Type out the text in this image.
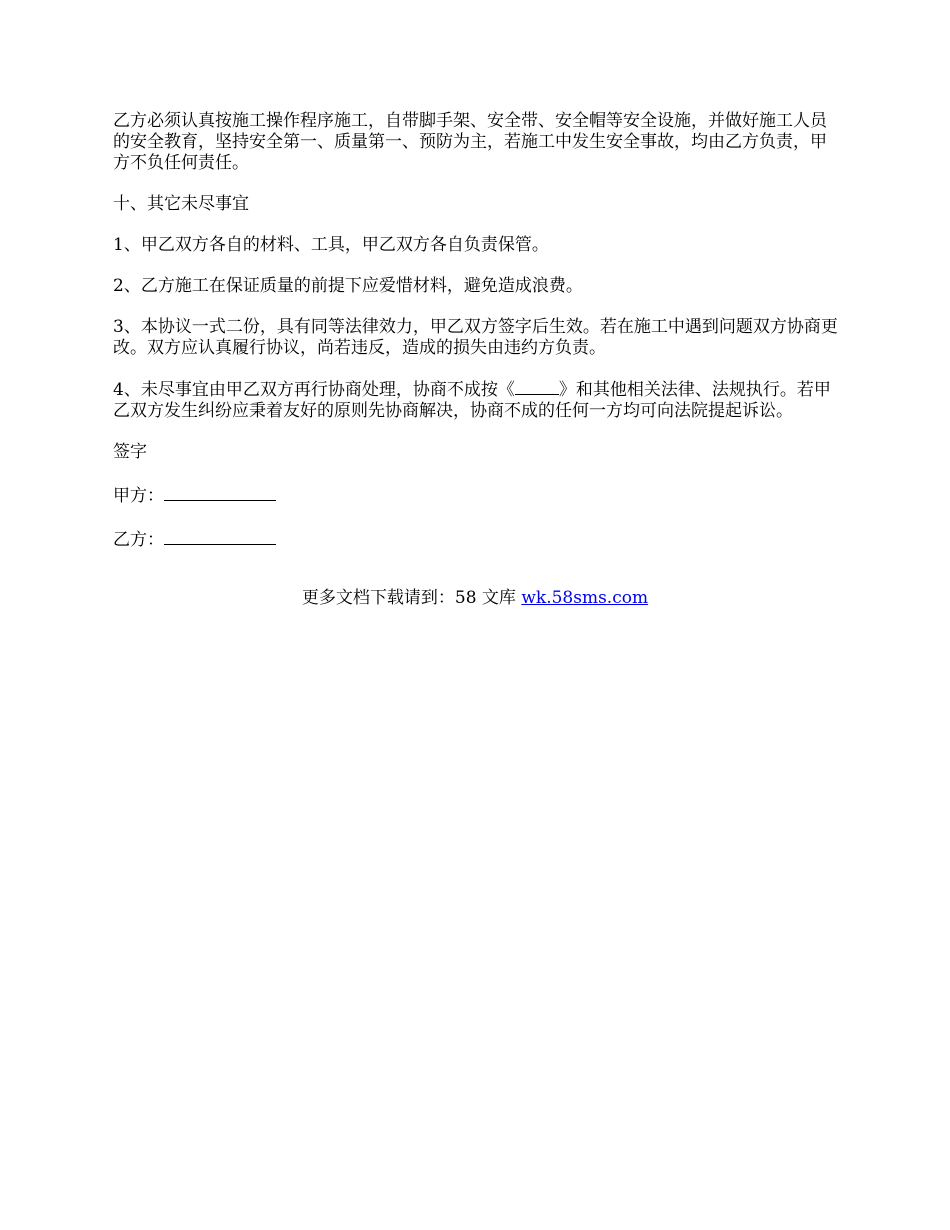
乙方必须认真按施工操作程序施工，自带脚手架、安全带、安全帽等安全设施，并做好施工人员的安全教育，坚持安全第一、质量第一、预防为主，若施工中发生安全事故，均由乙方负责，甲方不负任何责任。

十、其它未尽事宜

1、甲乙双方各自的材料、工具，甲乙双方各自负责保管。

2、乙方施工在保证质量的前提下应爱惜材料，避免造成浪费。

3、本协议一式二份，具有同等法律效力，甲乙双方签字后生效。若在施工中遇到问题双方协商更改。双方应认真履行协议，尚若违反，造成的损失由违约方负责。

4、未尽事宜由甲乙双方再行协商处理，协商不成按《	》和其他相关法律、法规执行。若甲乙双方发生纠纷应秉着友好的原则先协商解决，协商不成的任何一方均可向法院提起诉讼。

签字

甲方：

乙方：

更多文档下载请到：58 文库 wk.58sms.com
